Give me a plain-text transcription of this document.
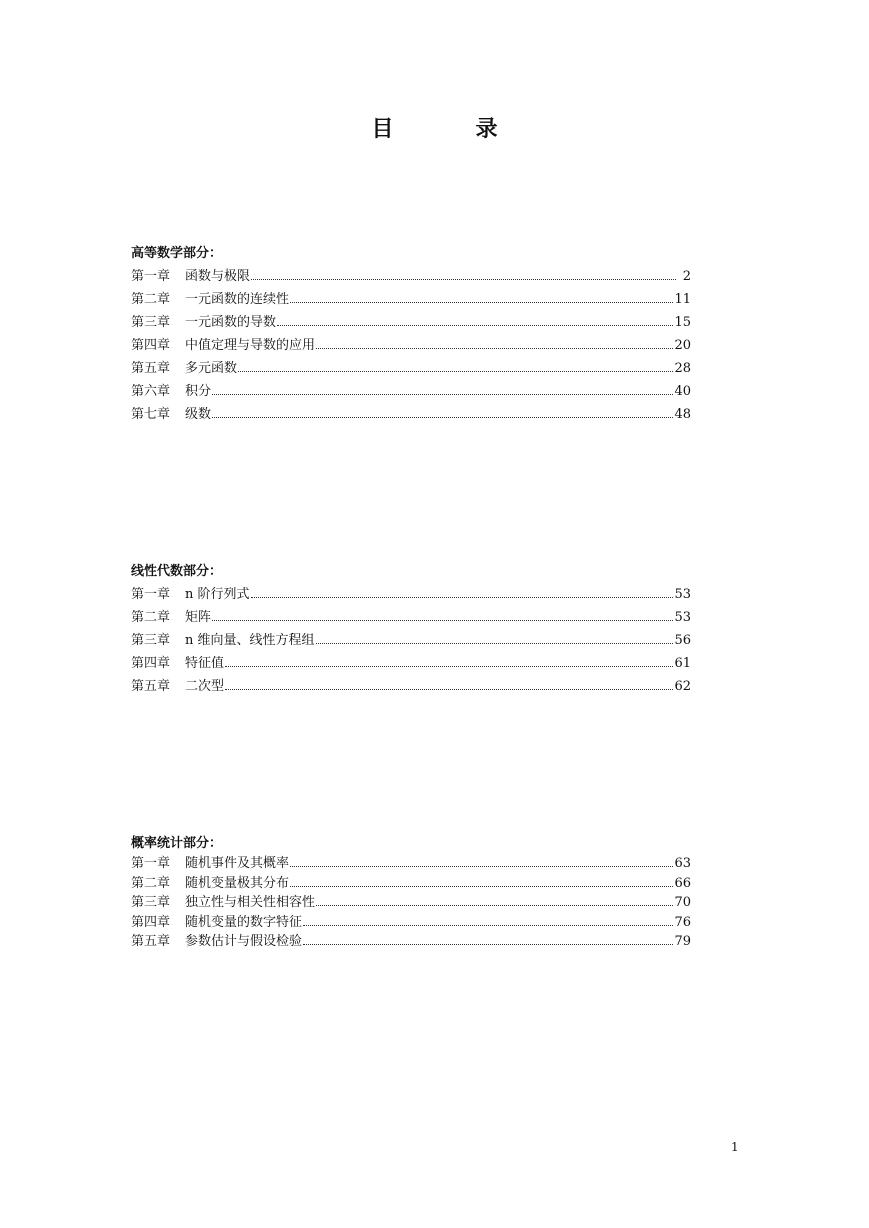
目　录
高等数学部分：
第一章	函数与极限	2
第二章	一元函数的连续性	11
第三章	一元函数的导数	15
第四章	中值定理与导数的应用	20
第五章	多元函数	28
第六章	积分	40
第七章	级数	48
线性代数部分：
第一章	n 阶行列式	53
第二章	矩阵	53
第三章	n 维向量、线性方程组	56
第四章	特征值	61
第五章	二次型	62
概率统计部分：
第一章	随机事件及其概率	63
第二章	随机变量极其分布	66
第三章	独立性与相关性相容性	70
第四章	随机变量的数字特征	76
第五章	参数估计与假设检验	79
1
